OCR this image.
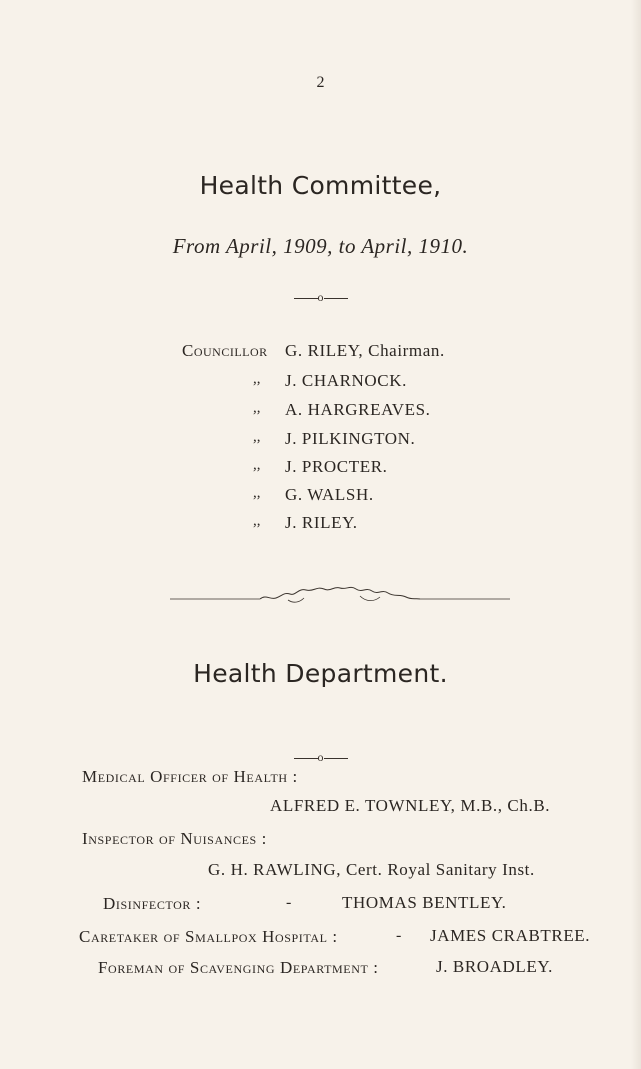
2
Health Committee,
From April, 1909, to April, 1910.
o
Councillor G. RILEY, Chairman.
,, J. CHARNOCK.
,, A. HARGREAVES.
,, J. PILKINGTON.
,, J. PROCTER.
,, G. WALSH.
,, J. RILEY.
Health Department.
o
Medical Officer of Health :
ALFRED E. TOWNLEY, M.B., Ch.B.
Inspector of Nuisances :
G. H. RAWLING, Cert. Royal Sanitary Inst.
Disinfector :	-	THOMAS BENTLEY.
Caretaker of Smallpox Hospital :	- JAMES CRABTREE.
Foreman of Scavenging Department :	J. BROADLEY.
